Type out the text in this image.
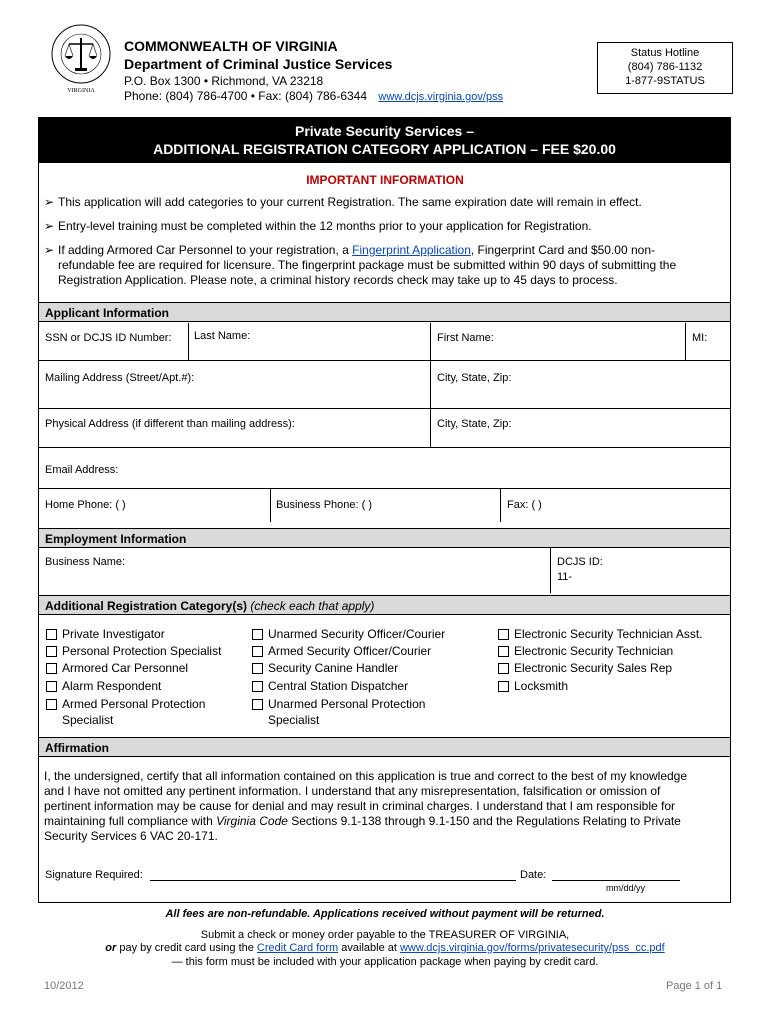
VIRGINIA
COMMONWEALTH OF VIRGINIA
Department of Criminal Justice Services
P.O. Box 1300 • Richmond, VA 23218
Phone: (804) 786-4700 • Fax: (804) 786-6344 www.dcjs.virginia.gov/pss
Status Hotline
(804) 786-1132
1-877-9STATUS
Private Security Services –
ADDITIONAL REGISTRATION CATEGORY APPLICATION – FEE $20.00
IMPORTANT INFORMATION
➢ This application will add categories to your current Registration. The same expiration date will remain in effect.
➢ Entry-level training must be completed within the 12 months prior to your application for Registration.
➢ If adding Armored Car Personnel to your registration, a Fingerprint Application, Fingerprint Card and $50.00 non-
refundable fee are required for licensure. The fingerprint package must be submitted within 90 days of submitting the
Registration Application. Please note, a criminal history records check may take up to 45 days to process.
Applicant Information
SSN or DCJS ID Number: Last Name:	First Name:	MI:
Mailing Address (Street/Apt.#):	City, State, Zip:
Physical Address (if different than mailing address):	City, State, Zip:
Email Address:
Home Phone: ( )	Business Phone: ( )	Fax: ( )
Employment Information
Business Name:	DCJS ID:
11-
Additional Registration Category(s) (check each that apply)
Private Investigator
Personal Protection Specialist
Armored Car Personnel
Alarm Respondent
Armed Personal Protection
Specialist
Unarmed Security Officer/Courier
Armed Security Officer/Courier
Security Canine Handler
Central Station Dispatcher
Unarmed Personal Protection
Specialist
Electronic Security Technician Asst.
Electronic Security Technician
Electronic Security Sales Rep
Locksmith
Affirmation
I, the undersigned, certify that all information contained on this application is true and correct to the best of my knowledge
and I have not omitted any pertinent information. I understand that any misrepresentation, falsification or omission of
pertinent information may be cause for denial and may result in criminal charges. I understand that I am responsible for
maintaining full compliance with Virginia Code Sections 9.1-138 through 9.1-150 and the Regulations Relating to Private
Security Services 6 VAC 20-171.
Signature Required:	Date:
mm/dd/yy
All fees are non-refundable. Applications received without payment will be returned.
Submit a check or money order payable to the TREASURER OF VIRGINIA,
or pay by credit card using the Credit Card form available at www.dcjs.virginia.gov/forms/privatesecurity/pss_cc.pdf
— this form must be included with your application package when paying by credit card.
10/2012	Page 1 of 1
